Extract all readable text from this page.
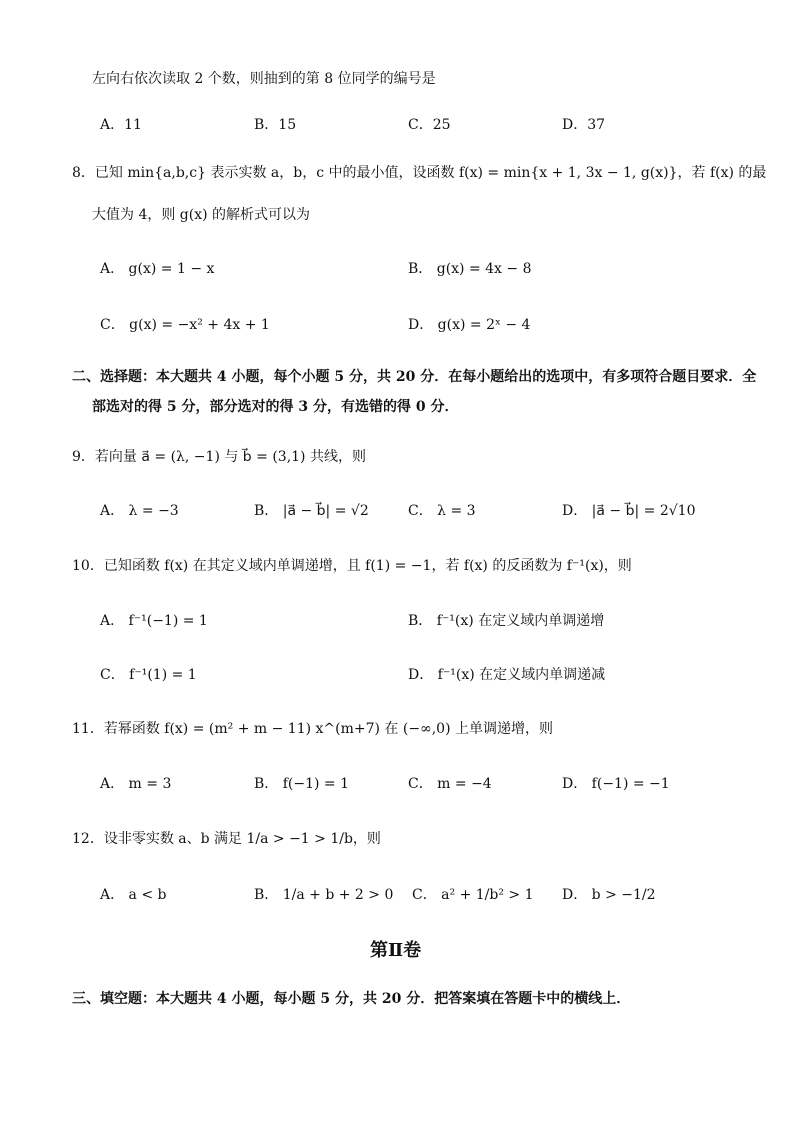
左向右依次读取 2 个数，则抽到的第 8 位同学的编号是
A．11	B．15	C．25	D．37
8．已知 min{a,b,c} 表示实数 a，b，c 中的最小值，设函数 f(x) = min{x + 1, 3x − 1, g(x)}，若 f(x) 的最
大值为 4，则 g(x) 的解析式可以为
A． g(x) = 1 − x	B． g(x) = 4x − 8
C． g(x) = −x² + 4x + 1	D． g(x) = 2ˣ − 4
二、选择题：本大题共 4 小题，每个小题 5 分，共 20 分．在每小题给出的选项中，有多项符合题目要求．全
部选对的得 5 分，部分选对的得 3 分，有选错的得 0 分．
9．若向量 a⃗ = (λ, −1) 与 b⃗ = (3,1) 共线，则
A． λ = −3	B． |a⃗ − b⃗| = √2	C． λ = 3	D． |a⃗ − b⃗| = 2√10
10．已知函数 f(x) 在其定义域内单调递增，且 f(1) = −1，若 f(x) 的反函数为 f⁻¹(x)，则
A． f⁻¹(−1) = 1	B． f⁻¹(x) 在定义域内单调递增
C． f⁻¹(1) = 1	D． f⁻¹(x) 在定义域内单调递减
11．若幂函数 f(x) = (m² + m − 11) x^(m+7) 在 (−∞,0) 上单调递增，则
A． m = 3	B． f(−1) = 1	C． m = −4	D． f(−1) = −1
12．设非零实数 a、b 满足 1/a > −1 > 1/b，则
A． a < b	B． 1/a + b + 2 > 0 C． a² + 1/b² > 1 D． b > −1/2
第Ⅱ卷
三、填空题：本大题共 4 小题，每小题 5 分，共 20 分．把答案填在答题卡中的横线上．
